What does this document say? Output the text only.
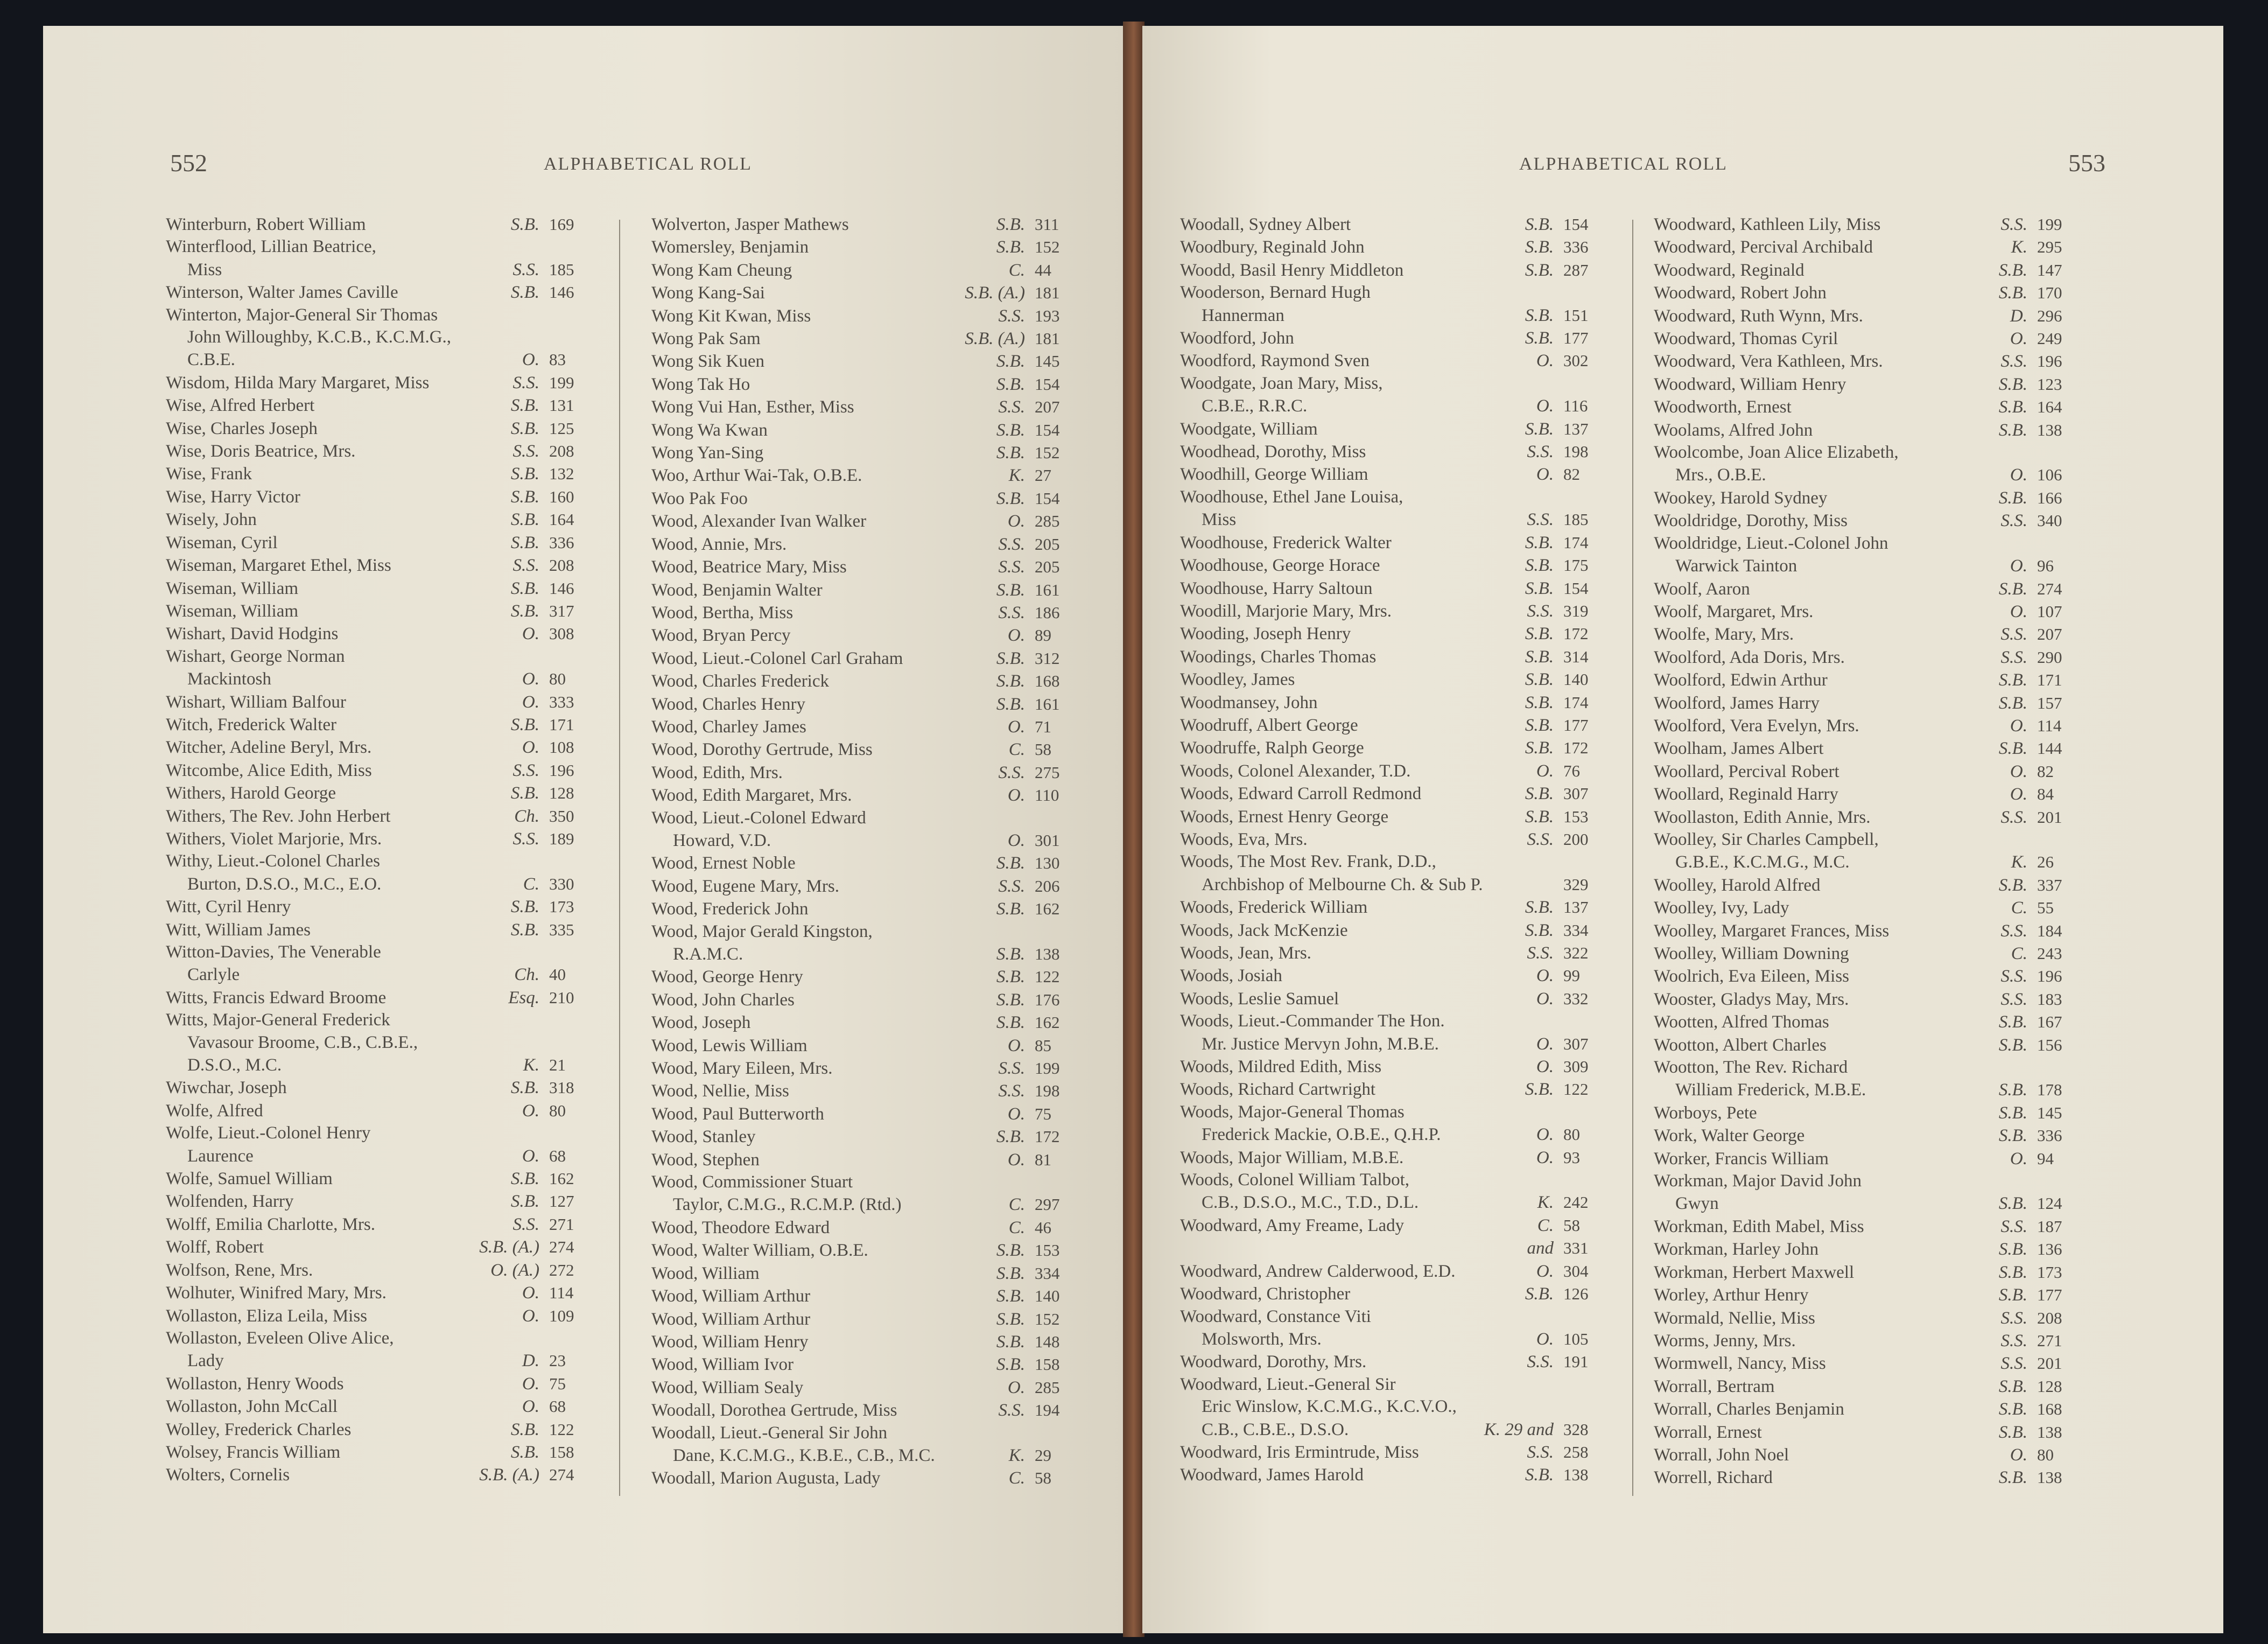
552	ALPHABETICAL ROLL
Winterburn, Robert William	S.B. 169
Winterflood, Lillian Beatrice,
Miss	S.S. 185
Winterson, Walter James Caville	S.B. 146
Winterton, Major-General Sir Thomas
John Willoughby, K.C.B., K.C.M.G.,
C.B.E.	O. 83
Wisdom, Hilda Mary Margaret, Miss	S.S. 199
Wise, Alfred Herbert	S.B. 131
Wise, Charles Joseph	S.B. 125
Wise, Doris Beatrice, Mrs.	S.S. 208
Wise, Frank	S.B. 132
Wise, Harry Victor	S.B. 160
Wisely, John	S.B. 164
Wiseman, Cyril	S.B. 336
Wiseman, Margaret Ethel, Miss	S.S. 208
Wiseman, William	S.B. 146
Wiseman, William	S.B. 317
Wishart, David Hodgins	O. 308
Wishart, George Norman
Mackintosh	O. 80
Wishart, William Balfour	O. 333
Witch, Frederick Walter	S.B. 171
Witcher, Adeline Beryl, Mrs.	O. 108
Witcombe, Alice Edith, Miss	S.S. 196
Withers, Harold George	S.B. 128
Withers, The Rev. John Herbert	Ch. 350
Withers, Violet Marjorie, Mrs.	S.S. 189
Withy, Lieut.-Colonel Charles
Burton, D.S.O., M.C., E.O.	C. 330
Witt, Cyril Henry	S.B. 173
Witt, William James	S.B. 335
Witton-Davies, The Venerable
Carlyle	Ch. 40
Witts, Francis Edward Broome	Esq. 210
Witts, Major-General Frederick
Vavasour Broome, C.B., C.B.E.,
D.S.O., M.C.	K. 21
Wiwchar, Joseph	S.B. 318
Wolfe, Alfred	O. 80
Wolfe, Lieut.-Colonel Henry
Laurence	O. 68
Wolfe, Samuel William	S.B. 162
Wolfenden, Harry	S.B. 127
Wolff, Emilia Charlotte, Mrs.	S.S. 271
Wolff, Robert	S.B. (A.) 274
Wolfson, Rene, Mrs.	O. (A.) 272
Wolhuter, Winifred Mary, Mrs.	O. 114
Wollaston, Eliza Leila, Miss	O. 109
Wollaston, Eveleen Olive Alice,
Lady	D. 23
Wollaston, Henry Woods	O. 75
Wollaston, John McCall	O. 68
Wolley, Frederick Charles	S.B. 122
Wolsey, Francis William	S.B. 158
Wolters, Cornelis	S.B. (A.) 274
Wolverton, Jasper Mathews	S.B. 311
Womersley, Benjamin	S.B. 152
Wong Kam Cheung	C. 44
Wong Kang-Sai	S.B. (A.) 181
Wong Kit Kwan, Miss	S.S. 193
Wong Pak Sam	S.B. (A.) 181
Wong Sik Kuen	S.B. 145
Wong Tak Ho	S.B. 154
Wong Vui Han, Esther, Miss	S.S. 207
Wong Wa Kwan	S.B. 154
Wong Yan-Sing	S.B. 152
Woo, Arthur Wai-Tak, O.B.E.	K. 27
Woo Pak Foo	S.B. 154
Wood, Alexander Ivan Walker	O. 285
Wood, Annie, Mrs.	S.S. 205
Wood, Beatrice Mary, Miss	S.S. 205
Wood, Benjamin Walter	S.B. 161
Wood, Bertha, Miss	S.S. 186
Wood, Bryan Percy	O. 89
Wood, Lieut.-Colonel Carl Graham	S.B. 312
Wood, Charles Frederick	S.B. 168
Wood, Charles Henry	S.B. 161
Wood, Charley James	O. 71
Wood, Dorothy Gertrude, Miss	C. 58
Wood, Edith, Mrs.	S.S. 275
Wood, Edith Margaret, Mrs.	O. 110
Wood, Lieut.-Colonel Edward
Howard, V.D.	O. 301
Wood, Ernest Noble	S.B. 130
Wood, Eugene Mary, Mrs.	S.S. 206
Wood, Frederick John	S.B. 162
Wood, Major Gerald Kingston,
R.A.M.C.	S.B. 138
Wood, George Henry	S.B. 122
Wood, John Charles	S.B. 176
Wood, Joseph	S.B. 162
Wood, Lewis William	O. 85
Wood, Mary Eileen, Mrs.	S.S. 199
Wood, Nellie, Miss	S.S. 198
Wood, Paul Butterworth	O. 75
Wood, Stanley	S.B. 172
Wood, Stephen	O. 81
Wood, Commissioner Stuart
Taylor, C.M.G., R.C.M.P. (Rtd.)	C. 297
Wood, Theodore Edward	C. 46
Wood, Walter William, O.B.E.	S.B. 153
Wood, William	S.B. 334
Wood, William Arthur	S.B. 140
Wood, William Arthur	S.B. 152
Wood, William Henry	S.B. 148
Wood, William Ivor	S.B. 158
Wood, William Sealy	O. 285
Woodall, Dorothea Gertrude, Miss	S.S. 194
Woodall, Lieut.-General Sir John
Dane, K.C.M.G., K.B.E., C.B., M.C.	K. 29
Woodall, Marion Augusta, Lady	C. 58
ALPHABETICAL ROLL	553
Woodall, Sydney Albert	S.B. 154
Woodbury, Reginald John	S.B. 336
Woodd, Basil Henry Middleton	S.B. 287
Wooderson, Bernard Hugh
Hannerman	S.B. 151
Woodford, John	S.B. 177
Woodford, Raymond Sven	O. 302
Woodgate, Joan Mary, Miss,
C.B.E., R.R.C.	O. 116
Woodgate, William	S.B. 137
Woodhead, Dorothy, Miss	S.S. 198
Woodhill, George William	O. 82
Woodhouse, Ethel Jane Louisa,
Miss	S.S. 185
Woodhouse, Frederick Walter	S.B. 174
Woodhouse, George Horace	S.B. 175
Woodhouse, Harry Saltoun	S.B. 154
Woodill, Marjorie Mary, Mrs.	S.S. 319
Wooding, Joseph Henry	S.B. 172
Woodings, Charles Thomas	S.B. 314
Woodley, James	S.B. 140
Woodmansey, John	S.B. 174
Woodruff, Albert George	S.B. 177
Woodruffe, Ralph George	S.B. 172
Woods, Colonel Alexander, T.D.	O. 76
Woods, Edward Carroll Redmond	S.B. 307
Woods, Ernest Henry George	S.B. 153
Woods, Eva, Mrs.	S.S. 200
Woods, The Most Rev. Frank, D.D.,
Archbishop of Melbourne Ch. & Sub P.	329
Woods, Frederick William	S.B. 137
Woods, Jack McKenzie	S.B. 334
Woods, Jean, Mrs.	S.S. 322
Woods, Josiah	O. 99
Woods, Leslie Samuel	O. 332
Woods, Lieut.-Commander The Hon.
Mr. Justice Mervyn John, M.B.E.	O. 307
Woods, Mildred Edith, Miss	O. 309
Woods, Richard Cartwright	S.B. 122
Woods, Major-General Thomas
Frederick Mackie, O.B.E., Q.H.P.	O. 80
Woods, Major William, M.B.E.	O. 93
Woods, Colonel William Talbot,
C.B., D.S.O., M.C., T.D., D.L.	K. 242
Woodward, Amy Freame, Lady	C. 58
and 331
Woodward, Andrew Calderwood, E.D.	O. 304
Woodward, Christopher	S.B. 126
Woodward, Constance Viti
Molsworth, Mrs.	O. 105
Woodward, Dorothy, Mrs.	S.S. 191
Woodward, Lieut.-General Sir
Eric Winslow, K.C.M.G., K.C.V.O.,
C.B., C.B.E., D.S.O.	K. 29 and 328
Woodward, Iris Ermintrude, Miss	S.S. 258
Woodward, James Harold	S.B. 138
Woodward, Kathleen Lily, Miss	S.S. 199
Woodward, Percival Archibald	K. 295
Woodward, Reginald	S.B. 147
Woodward, Robert John	S.B. 170
Woodward, Ruth Wynn, Mrs.	D. 296
Woodward, Thomas Cyril	O. 249
Woodward, Vera Kathleen, Mrs.	S.S. 196
Woodward, William Henry	S.B. 123
Woodworth, Ernest	S.B. 164
Woolams, Alfred John	S.B. 138
Woolcombe, Joan Alice Elizabeth,
Mrs., O.B.E.	O. 106
Wookey, Harold Sydney	S.B. 166
Wooldridge, Dorothy, Miss	S.S. 340
Wooldridge, Lieut.-Colonel John
Warwick Tainton	O. 96
Woolf, Aaron	S.B. 274
Woolf, Margaret, Mrs.	O. 107
Woolfe, Mary, Mrs.	S.S. 207
Woolford, Ada Doris, Mrs.	S.S. 290
Woolford, Edwin Arthur	S.B. 171
Woolford, James Harry	S.B. 157
Woolford, Vera Evelyn, Mrs.	O. 114
Woolham, James Albert	S.B. 144
Woollard, Percival Robert	O. 82
Woollard, Reginald Harry	O. 84
Woollaston, Edith Annie, Mrs.	S.S. 201
Woolley, Sir Charles Campbell,
G.B.E., K.C.M.G., M.C.	K. 26
Woolley, Harold Alfred	S.B. 337
Woolley, Ivy, Lady	C. 55
Woolley, Margaret Frances, Miss	S.S. 184
Woolley, William Downing	C. 243
Woolrich, Eva Eileen, Miss	S.S. 196
Wooster, Gladys May, Mrs.	S.S. 183
Wootten, Alfred Thomas	S.B. 167
Wootton, Albert Charles	S.B. 156
Wootton, The Rev. Richard
William Frederick, M.B.E.	S.B. 178
Worboys, Pete	S.B. 145
Work, Walter George	S.B. 336
Worker, Francis William	O. 94
Workman, Major David John
Gwyn	S.B. 124
Workman, Edith Mabel, Miss	S.S. 187
Workman, Harley John	S.B. 136
Workman, Herbert Maxwell	S.B. 173
Worley, Arthur Henry	S.B. 177
Wormald, Nellie, Miss	S.S. 208
Worms, Jenny, Mrs.	S.S. 271
Wormwell, Nancy, Miss	S.S. 201
Worrall, Bertram	S.B. 128
Worrall, Charles Benjamin	S.B. 168
Worrall, Ernest	S.B. 138
Worrall, John Noel	O. 80
Worrell, Richard	S.B. 138
